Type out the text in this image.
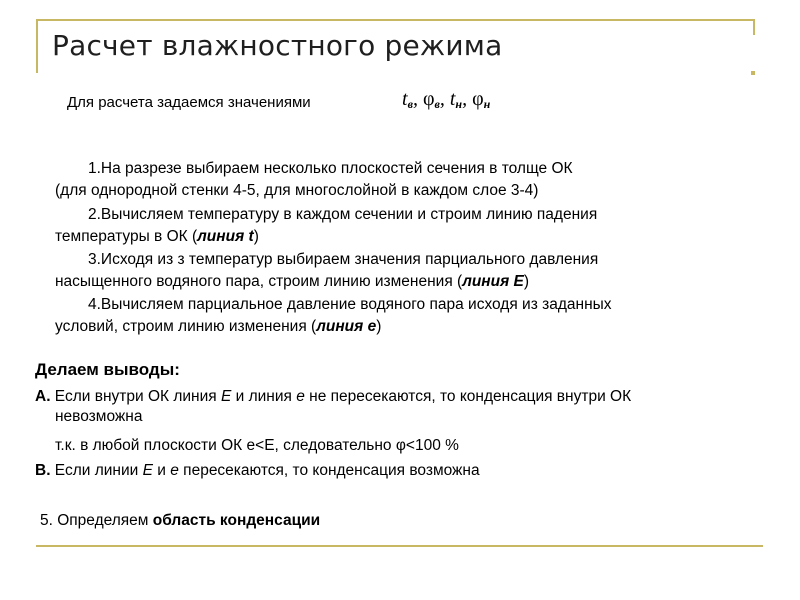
Расчет влажностного режима
Для расчета задаемся значениями	$t_в$, $\varphi_в$, $t_н$, $\varphi_н$
1.На разрезе выбираем несколько плоскостей сечения в толще ОК
(для однородной стенки 4-5, для многослойной в каждом слое 3-4)
2.Вычисляем температуру в каждом сечении и строим линию падения
температуры в ОК (линия t)
3.Исходя из з температур выбираем значения парциального давления
насыщенного водяного пара, строим линию изменения (линия Е)
4.Вычисляем парциальное давление водяного пара исходя из заданных
условий, строим линию изменения (линия е)
Делаем выводы:
А. Если внутри ОК линия Е и линия е не пересекаются, то конденсация внутри ОК
невозможна
т.к. в любой плоскости ОК е<Е, следовательно φ<100 %
В. Если линии Е и е пересекаются, то конденсация возможна
5. Определяем область конденсации
